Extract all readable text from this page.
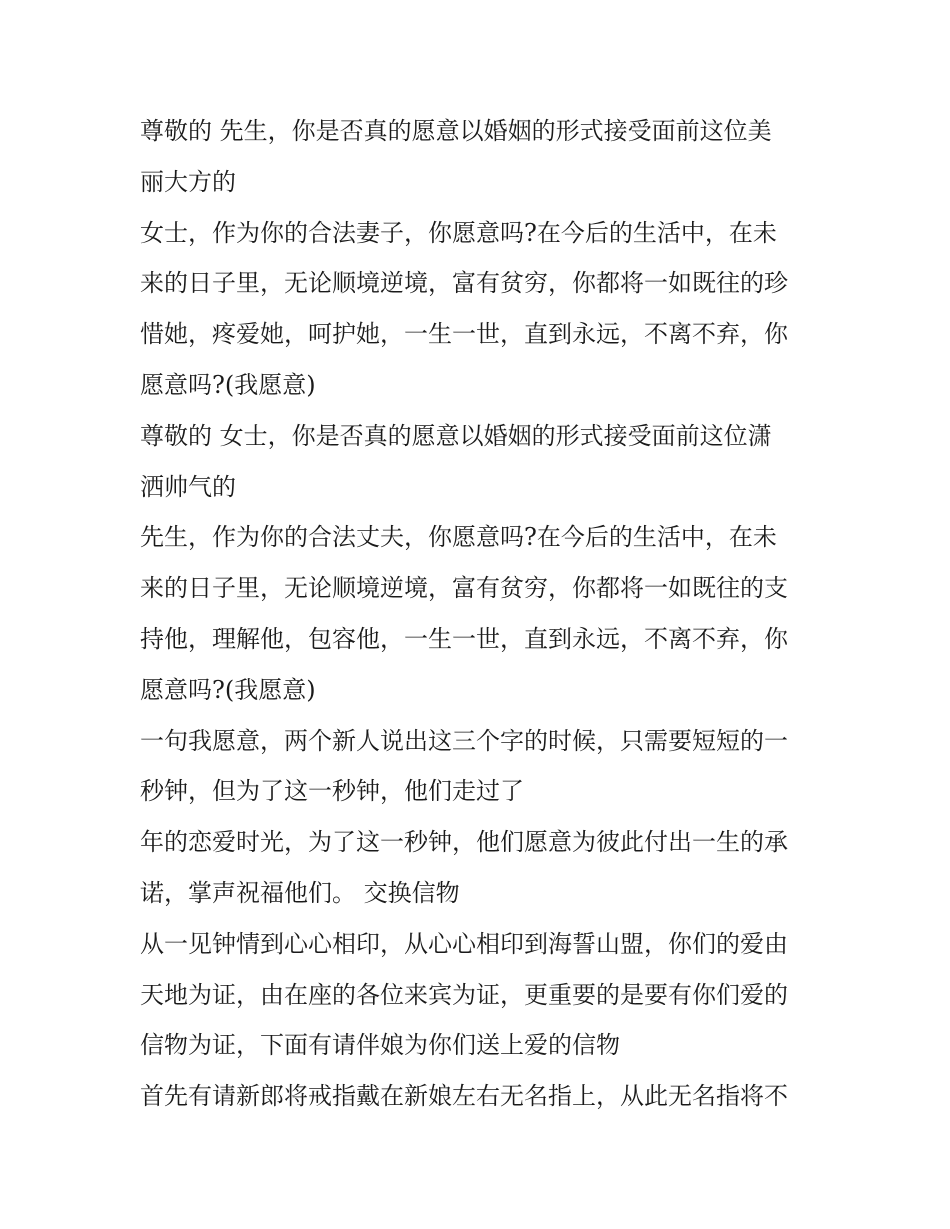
尊敬的 先生，你是否真的愿意以婚姻的形式接受面前这位美
丽大方的
女士，作为你的合法妻子，你愿意吗?在今后的生活中，在未
来的日子里，无论顺境逆境，富有贫穷，你都将一如既往的珍
惜她，疼爱她，呵护她，一生一世，直到永远，不离不弃，你
愿意吗?(我愿意)
尊敬的 女士，你是否真的愿意以婚姻的形式接受面前这位潇
洒帅气的
先生，作为你的合法丈夫，你愿意吗?在今后的生活中，在未
来的日子里，无论顺境逆境，富有贫穷，你都将一如既往的支
持他，理解他，包容他，一生一世，直到永远，不离不弃，你
愿意吗?(我愿意)
一句我愿意，两个新人说出这三个字的时候，只需要短短的一
秒钟，但为了这一秒钟，他们走过了
年的恋爱时光，为了这一秒钟，他们愿意为彼此付出一生的承
诺，掌声祝福他们。 交换信物
从一见钟情到心心相印，从心心相印到海誓山盟，你们的爱由
天地为证，由在座的各位来宾为证，更重要的是要有你们爱的
信物为证，下面有请伴娘为你们送上爱的信物
首先有请新郎将戒指戴在新娘左右无名指上，从此无名指将不
